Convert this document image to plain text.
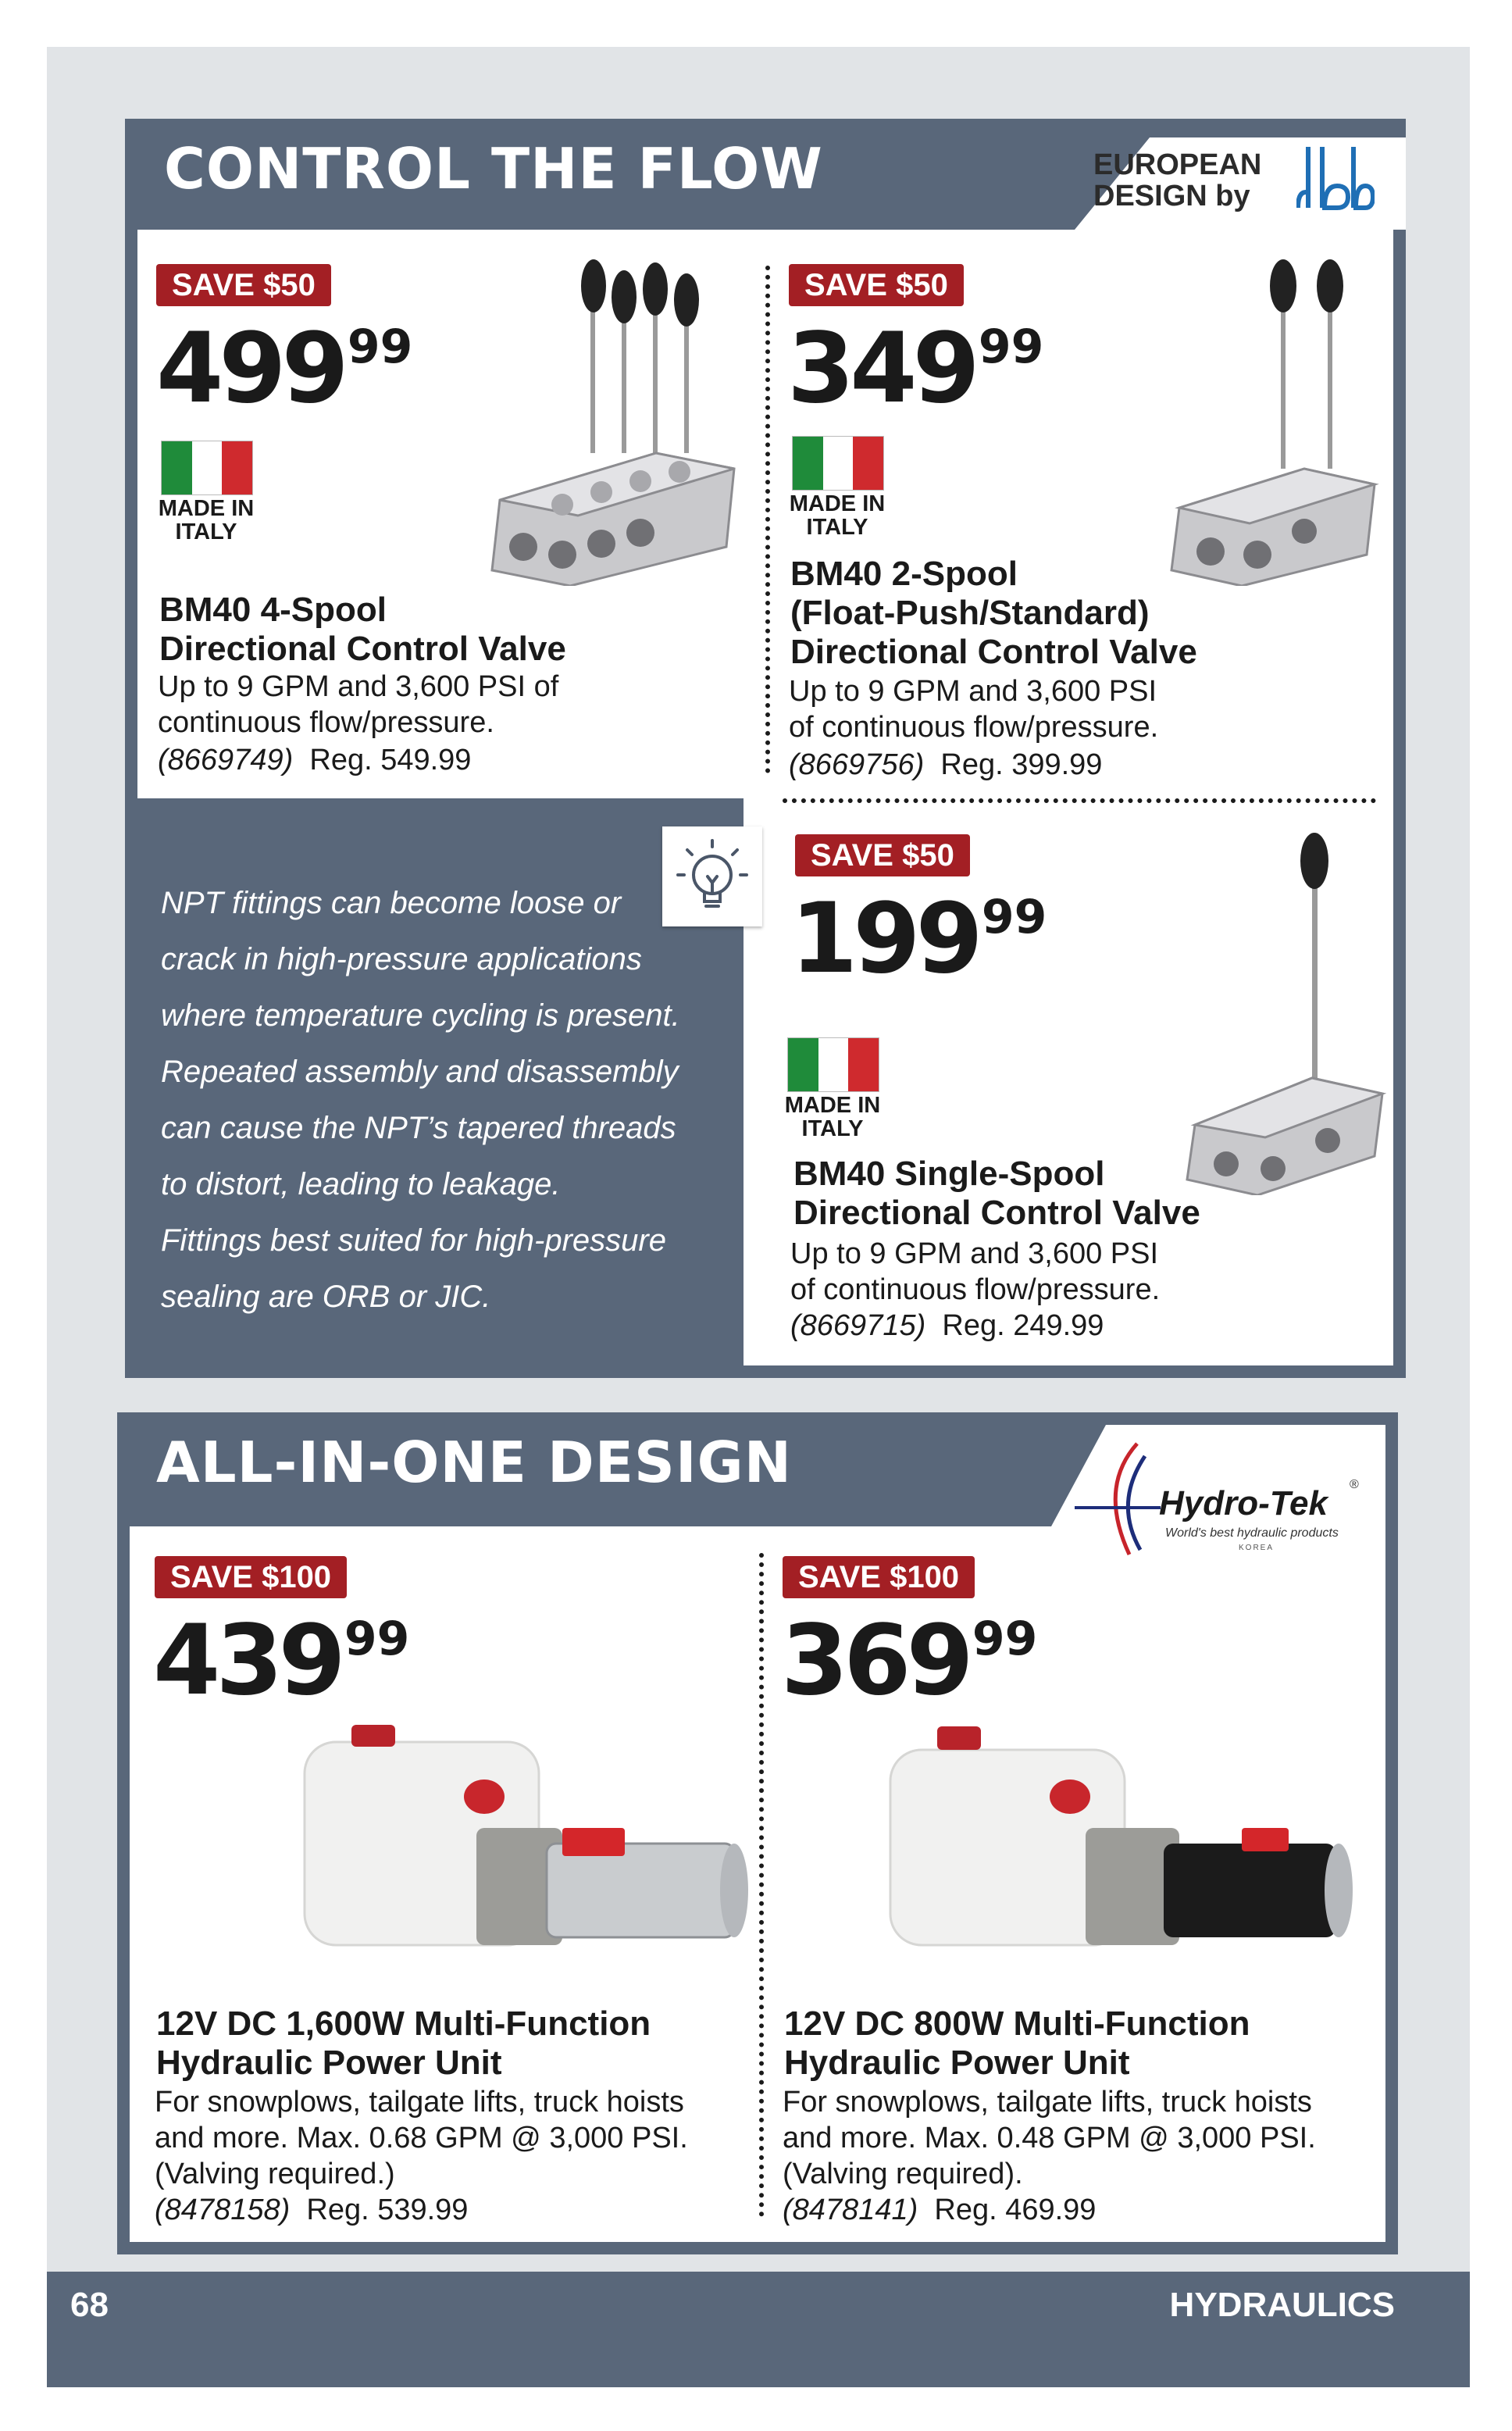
CONTROL THE FLOW	EUROPEAN
DESIGN by
SAVE $50
49999
MADE IN
ITALY
BM40 4-Spool
Directional Control Valve
Up to 9 GPM and 3,600 PSI of
continuous flow/pressure.
(8669749) Reg. 549.99
SAVE $50
34999
MADE IN
ITALY
BM40 2-Spool
(Float-Push/Standard)
Directional Control Valve
Up to 9 GPM and 3,600 PSI
of continuous flow/pressure.
(8669756) Reg. 399.99
NPT fittings can become loose or
crack in high-pressure applications
where temperature cycling is present.
Repeated assembly and disassembly
can cause the NPT’s tapered threads
to distort, leading to leakage.
Fittings best suited for high-pressure
sealing are ORB or JIC.
SAVE $50
19999
MADE IN
ITALY
BM40 Single-Spool
Directional Control Valve
Up to 9 GPM and 3,600 PSI
of continuous flow/pressure.
(8669715) Reg. 249.99
ALL-IN-ONE DESIGN
Hydro-Tek ®
World's best hydraulic products
KOREA
SAVE $100
43999
12V DC 1,600W Multi-Function
Hydraulic Power Unit
For snowplows, tailgate lifts, truck hoists
and more. Max. 0.68 GPM @ 3,000 PSI.
(Valving required.)
(8478158) Reg. 539.99
SAVE $100
36999
12V DC 800W Multi-Function
Hydraulic Power Unit
For snowplows, tailgate lifts, truck hoists
and more. Max. 0.48 GPM @ 3,000 PSI.
(Valving required).
(8478141) Reg. 469.99
68	HYDRAULICS
